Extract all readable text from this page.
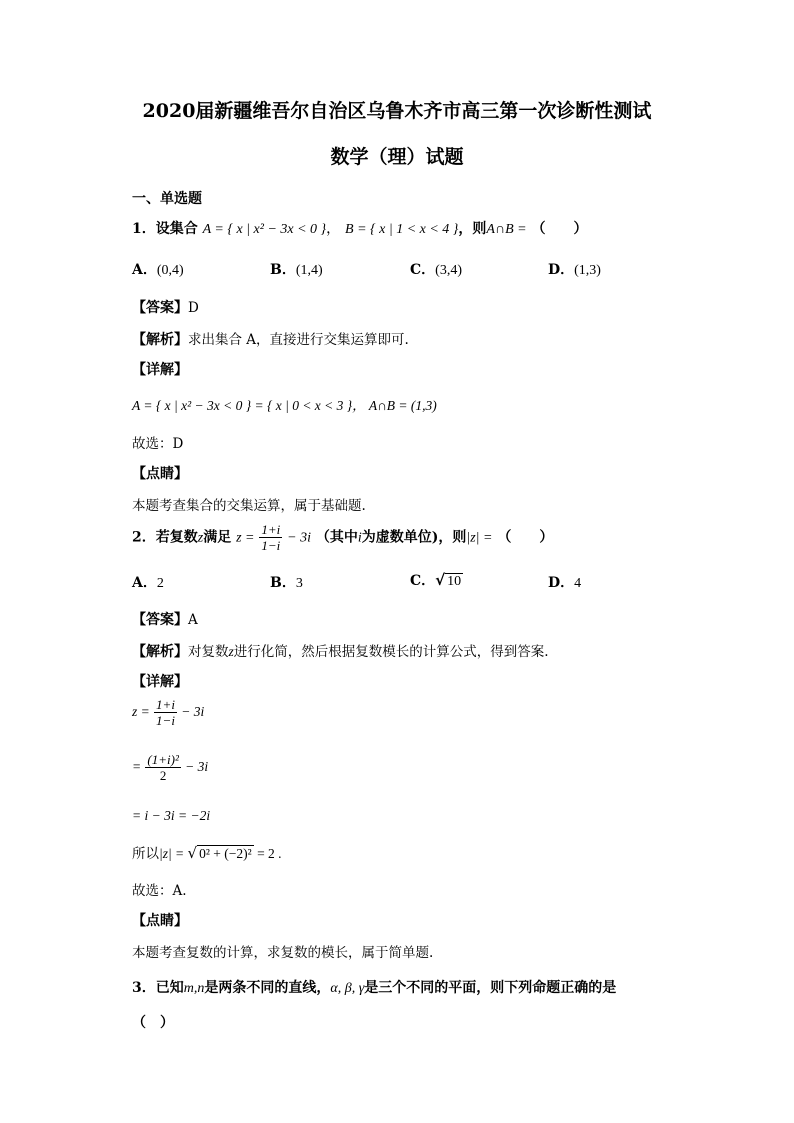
2020届新疆维吾尔自治区乌鲁木齐市高三第一次诊断性测试
数学（理）试题
一、单选题
1．设集合 A = { x | x² − 3x < 0 }， B = { x | 1 < x < 4 }，则A∩B = （　　）
A．(0,4)	B．(1,4)	C．(3,4)	D．(1,3)
【答案】D
【解析】求出集合 A，直接进行交集运算即可.
【详解】
A = { x | x² − 3x < 0 } = { x | 0 < x < 3 }， A∩B = (1,3)
故选：D
【点睛】
本题考查集合的交集运算，属于基础题.
2．若复数z满足 $z = \frac{1+i}{1-i} - 3i$ （其中i为虚数单位)，则|z| = （　　）
A．2	B．3	C．√ 10	D．4
【答案】A
【解析】对复数z进行化简，然后根据复数模长的计算公式，得到答案.
【详解】
$z = \frac{1+i}{1-i} - 3i$
= $\frac{\text{(1+i)²}}{2} - 3i$
= i − 3i = −2i
所以|z| = √ 0² + (−2)² = 2 .
故选：A.
【点睛】
本题考查复数的计算，求复数的模长，属于简单题.
3．已知m,n是两条不同的直线，α, β, γ是三个不同的平面，则下列命题正确的是
（　）
